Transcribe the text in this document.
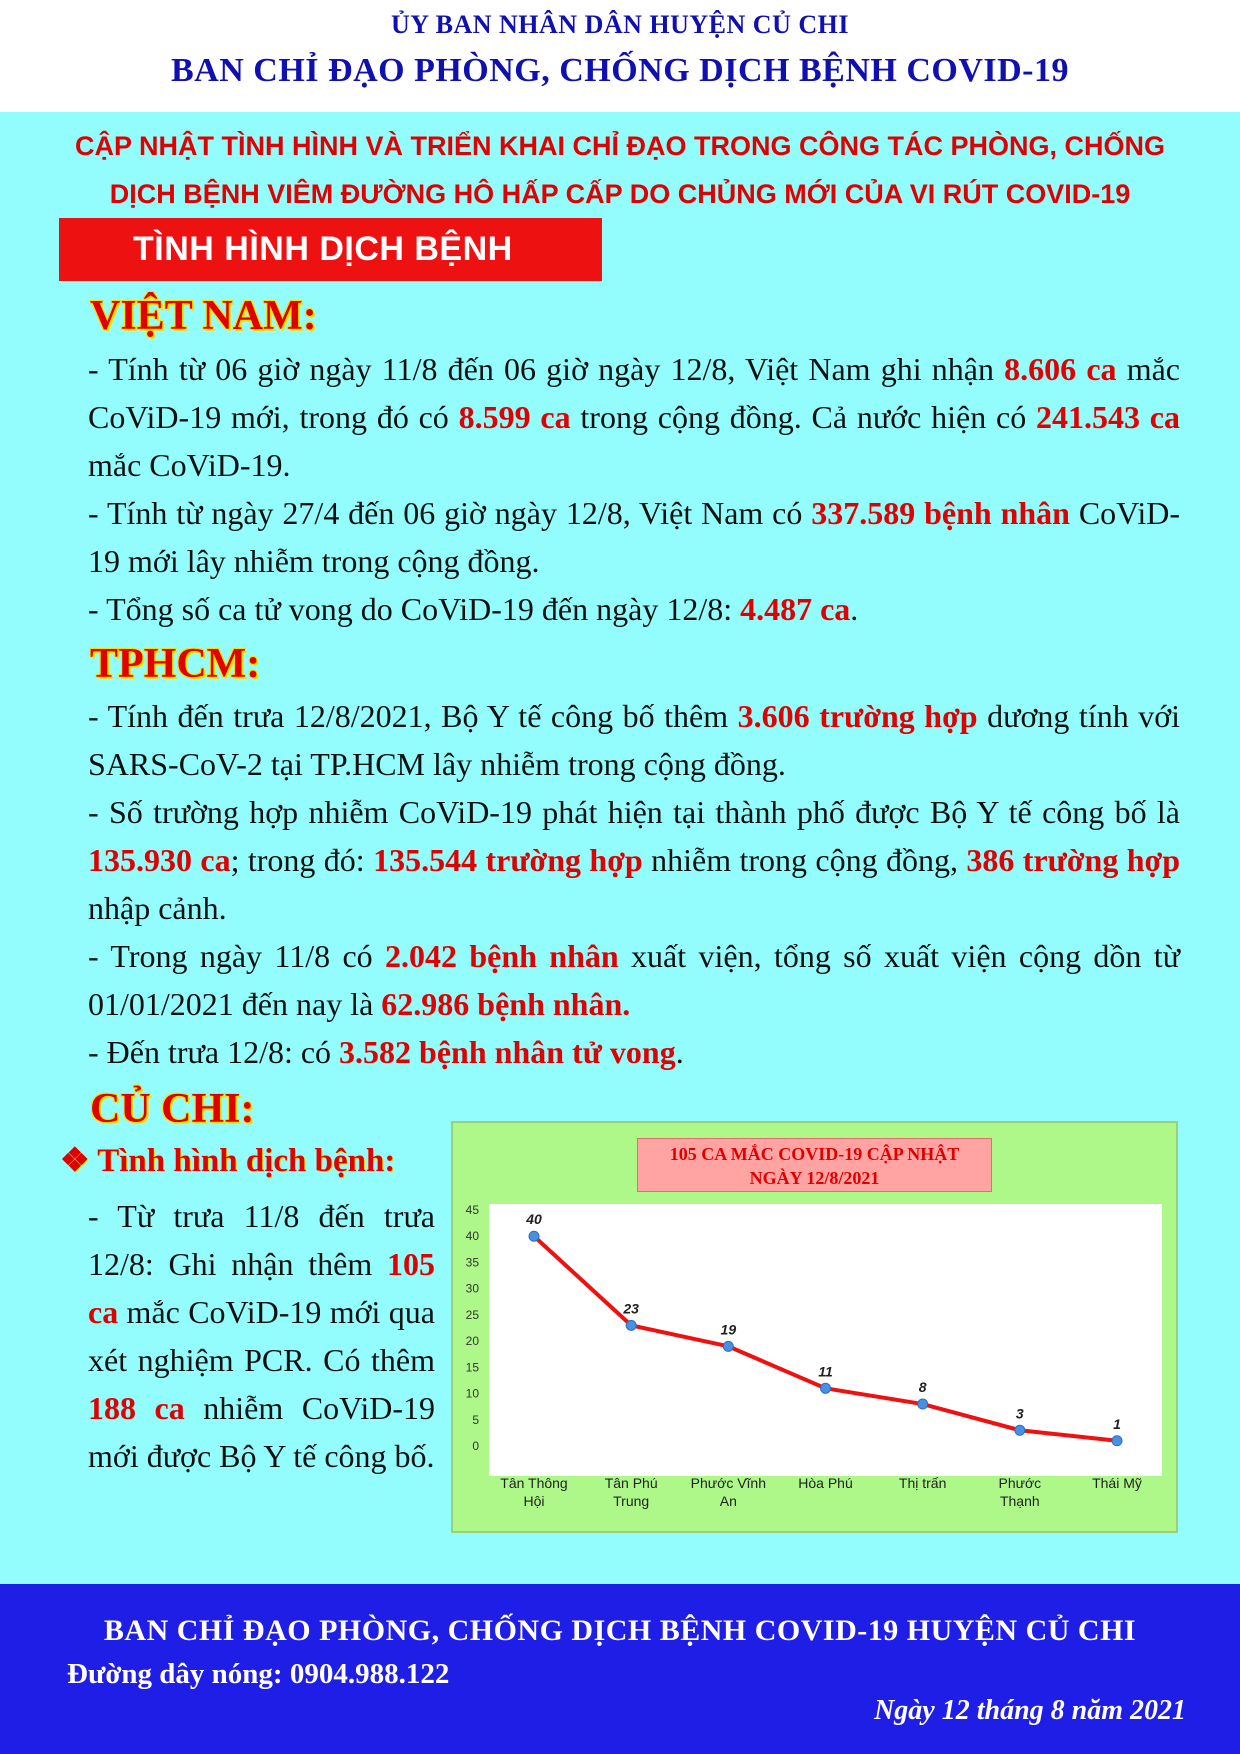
ỦY BAN NHÂN DÂN HUYỆN CỦ CHI
BAN CHỈ ĐẠO PHÒNG, CHỐNG DỊCH BỆNH COVID-19
CẬP NHẬT TÌNH HÌNH VÀ TRIỂN KHAI CHỈ ĐẠO TRONG CÔNG TÁC PHÒNG, CHỐNG
DỊCH BỆNH VIÊM ĐƯỜNG HÔ HẤP CẤP DO CHỦNG MỚI CỦA VI RÚT COVID-19
TÌNH HÌNH DỊCH BỆNH
VIỆT NAM:

- Tính từ 06 giờ ngày 11/8 đến 06 giờ ngày 12/8, Việt Nam ghi nhận 8.606 ca mắc CoViD-19 mới, trong đó có 8.599 ca trong cộng đồng. Cả nước hiện có 241.543 ca mắc CoViD-19.

- Tính từ ngày 27/4 đến 06 giờ ngày 12/8, Việt Nam có 337.589 bệnh nhân CoViD-19 mới lây nhiễm trong cộng đồng.

- Tổng số ca tử vong do CoViD-19 đến ngày 12/8: 4.487 ca.

TPHCM:

- Tính đến trưa 12/8/2021, Bộ Y tế công bố thêm 3.606 trường hợp dương tính với SARS-CoV-2 tại TP.HCM lây nhiễm trong cộng đồng.

- Số trường hợp nhiễm CoViD-19 phát hiện tại thành phố được Bộ Y tế công bố là 135.930 ca; trong đó: 135.544 trường hợp nhiễm trong cộng đồng, 386 trường hợp nhập cảnh.

- Trong ngày 11/8 có 2.042 bệnh nhân xuất viện, tổng số xuất viện cộng dồn từ 01/01/2021 đến nay là 62.986 bệnh nhân.

- Đến trưa 12/8: có 3.582 bệnh nhân tử vong.

CỦ CHI:
❖ Tình hình dịch bệnh:

- Từ trưa 11/8 đến trưa 12/8: Ghi nhận thêm 105 ca mắc CoViD-19 mới qua xét nghiệm PCR. Có thêm 188 ca nhiễm CoViD-19 mới được Bộ Y tế công bố.

105 CA MẮC COVID-19 CẬP NHẬT
NGÀY 12/8/2021
0
5
10
15
20
25
30
35
40
45
40
Tân Thông
Hội
23
Tân Phú
Trung
19
Phước Vĩnh
An
11
Hòa Phú
8
Thị trấn
3
Phước
Thạnh
1
Thái Mỹ
BAN CHỈ ĐẠO PHÒNG, CHỐNG DỊCH BỆNH COVID-19 HUYỆN CỦ CHI
Đường dây nóng: 0904.988.122
Ngày 12 tháng 8 năm 2021
